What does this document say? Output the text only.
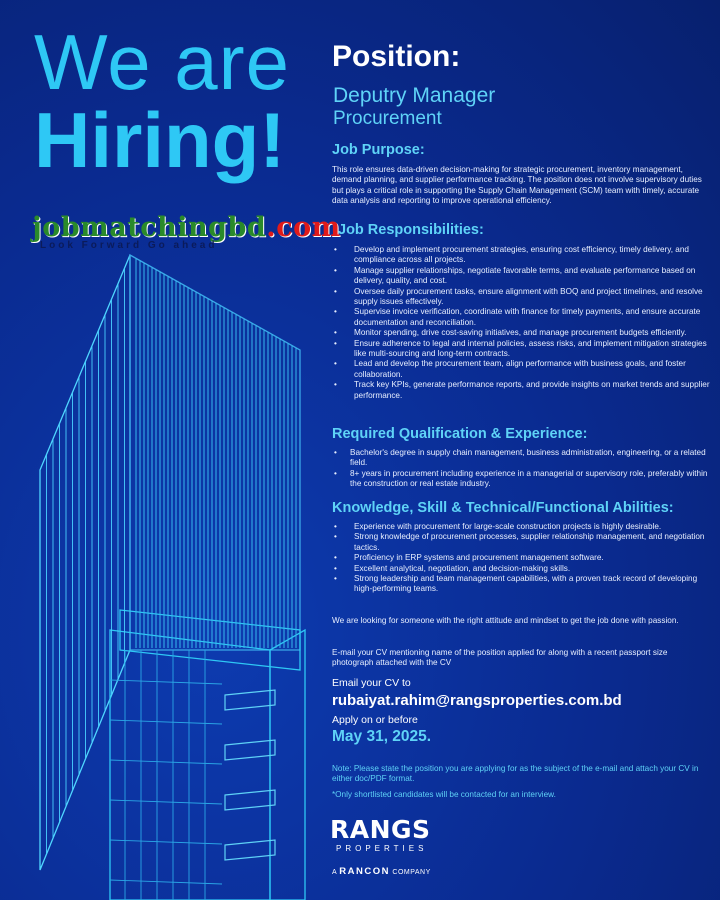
We are
Hiring!
jobmatchingbd.com
Look Forward Go ahead
Position:
Deputry Manager
Procurement
Job Purpose:
This role ensures data-driven decision-making for strategic procurement, inventory management, demand planning, and supplier performance tracking. The position does not involve supervisory duties but plays a critical role in supporting the Supply Chain Management (SCM) team with timely, accurate data analysis and reporting to improve operational efficiency.
Job Responsibilities:
• Develop and implement procurement strategies, ensuring cost efficiency, timely delivery, and compliance across all projects.
• Manage supplier relationships, negotiate favorable terms, and evaluate performance based on delivery, quality, and cost.
• Oversee daily procurement tasks, ensure alignment with BOQ and project timelines, and resolve supply issues effectively.
• Supervise invoice verification, coordinate with finance for timely payments, and ensure accurate documentation and reconciliation.
• Monitor spending, drive cost-saving initiatives, and manage procurement budgets efficiently.
• Ensure adherence to legal and internal policies, assess risks, and implement mitigation strategies like multi-sourcing and long-term contracts.
• Lead and develop the procurement team, align performance with business goals, and foster collaboration.
• Track key KPIs, generate performance reports, and provide insights on market trends and supplier performance.
Required Qualification & Experience:
• Bachelor's degree in supply chain management, business administration, engineering, or a related field.
• 8+ years in procurement including experience in a managerial or supervisory role, preferably within the construction or real estate industry.
Knowledge, Skill & Technical/Functional Abilities:
• Experience with procurement for large-scale construction projects is highly desirable.
• Strong knowledge of procurement processes, supplier relationship management, and negotiation tactics.
• Proficiency in ERP systems and procurement management software.
• Excellent analytical, negotiation, and decision-making skills.
• Strong leadership and team management capabilities, with a proven track record of developing high-performing teams.
We are looking for someone with the right attitude and mindset to get the job done with passion.
E-mail your CV mentioning name of the position applied for along with a recent passport size photograph attached with the CV
Email your CV to
rubaiyat.rahim@rangsproperties.com.bd
Apply on or before
May 31, 2025.
Note: Please state the position you are applying for as the subject of the e-mail and attach your CV in either doc/PDF format.
*Only shortlisted candidates will be contacted for an interview.
RANGS
PROPERTIES
A RANCON COMPANY
